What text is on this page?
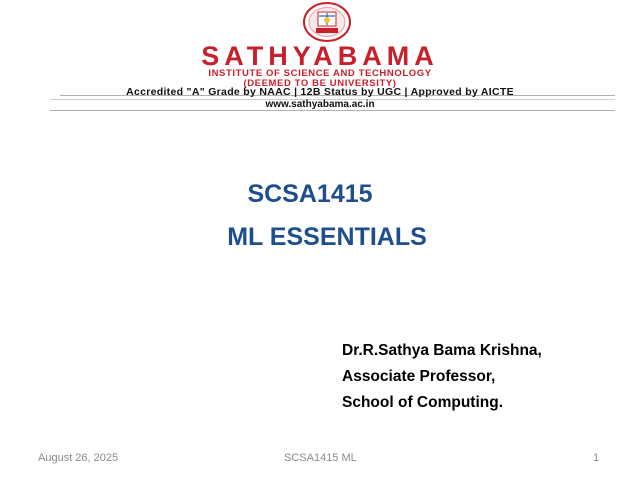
SATHYABAMA
INSTITUTE OF SCIENCE AND TECHNOLOGY
(DEEMED TO BE UNIVERSITY)
Accredited "A" Grade by NAAC | 12B Status by UGC | Approved by AICTE
www.sathyabama.ac.in
SCSA1415
ML ESSENTIALS
Dr.R.Sathya Bama Krishna,
Associate Professor,
School of Computing.
August 26, 2025	SCSA1415 ML	1
